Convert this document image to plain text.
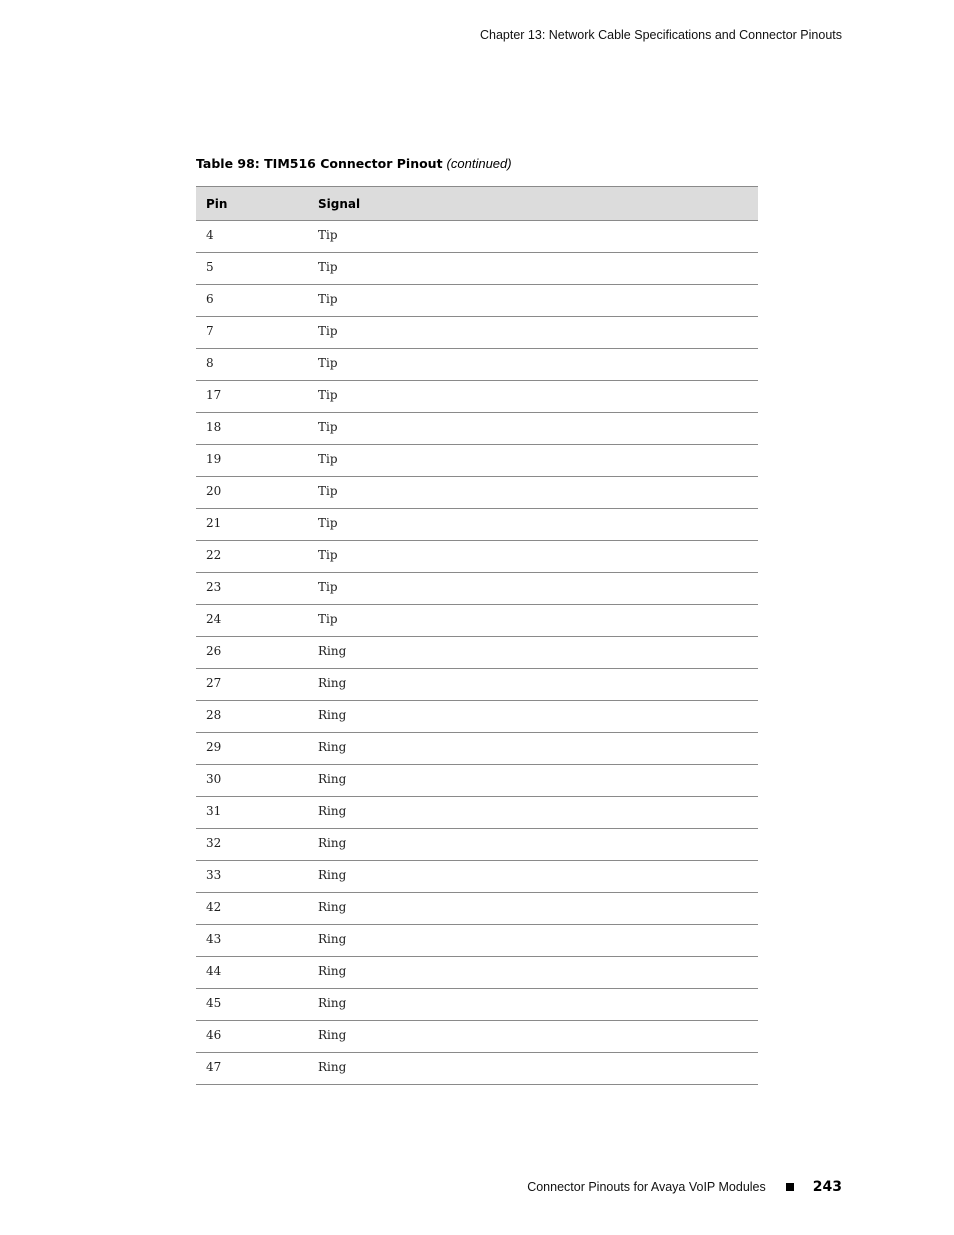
Chapter 13: Network Cable Specifications and Connector Pinouts
Table 98: TIM516 Connector Pinout (continued)
Pin	Signal
4	Tip
5	Tip
6	Tip
7	Tip
8	Tip
17	Tip
18	Tip
19	Tip
20	Tip
21	Tip
22	Tip
23	Tip
24	Tip
26	Ring
27	Ring
28	Ring
29	Ring
30	Ring
31	Ring
32	Ring
33	Ring
42	Ring
43	Ring
44	Ring
45	Ring
46	Ring
47	Ring
Connector Pinouts for Avaya VoIP Modules	243
